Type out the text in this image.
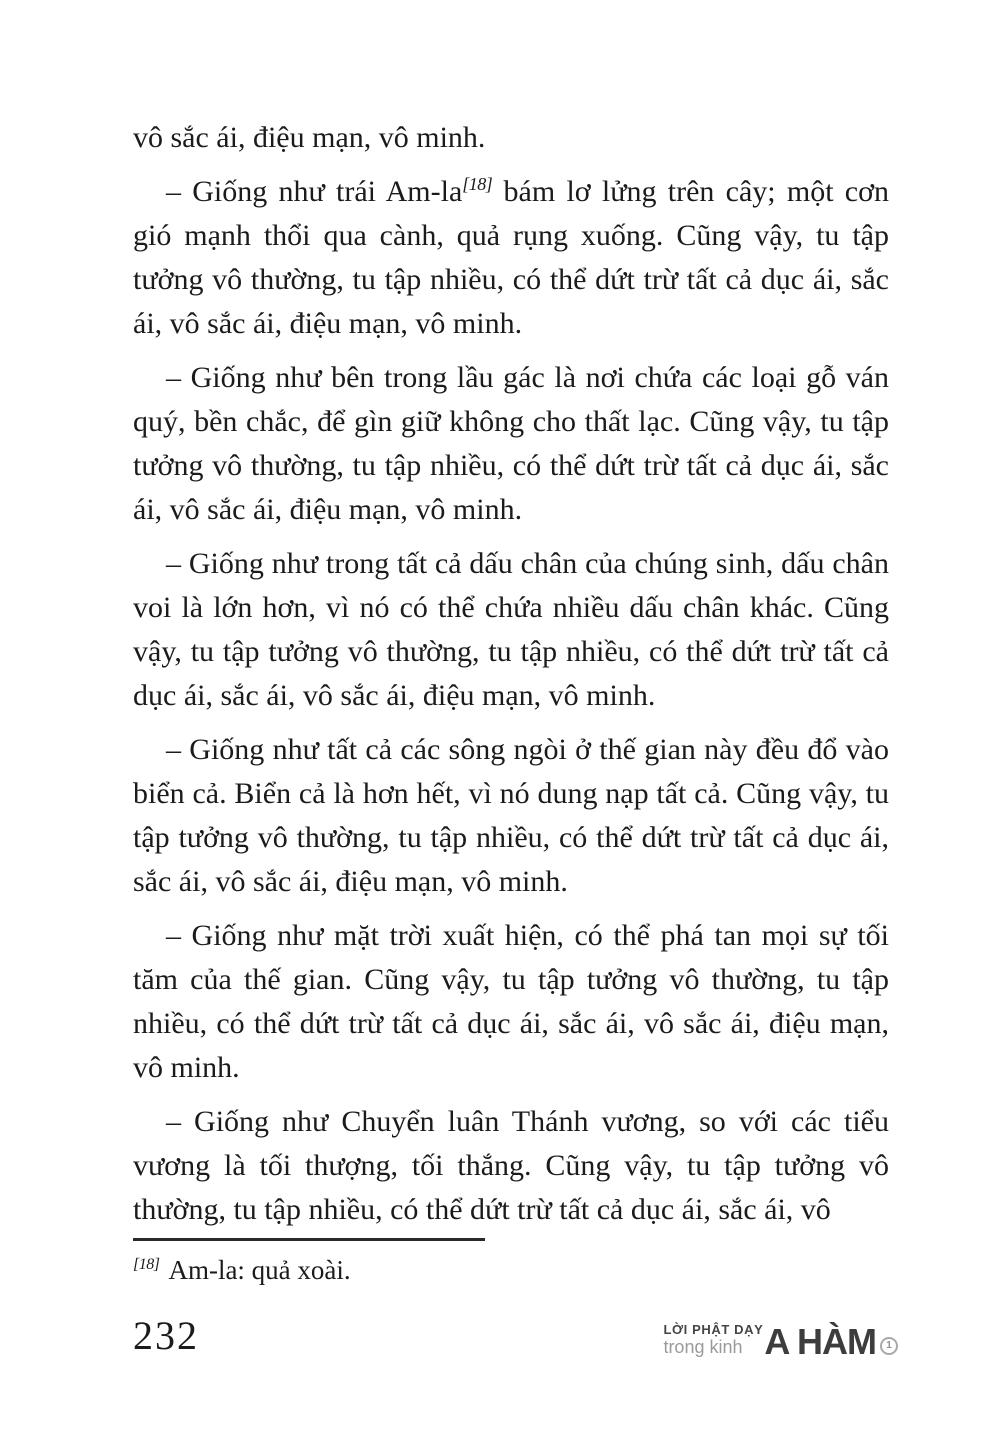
vô sắc ái, điệu mạn, vô minh.

– Giống như trái Am-la[18] bám lơ lửng trên cây; một cơn gió mạnh thổi qua cành, quả rụng xuống. Cũng vậy, tu tập tưởng vô thường, tu tập nhiều, có thể dứt trừ tất cả dục ái, sắc ái, vô sắc ái, điệu mạn, vô minh.

– Giống như bên trong lầu gác là nơi chứa các loại gỗ ván quý, bền chắc, để gìn giữ không cho thất lạc. Cũng vậy, tu tập tưởng vô thường, tu tập nhiều, có thể dứt trừ tất cả dục ái, sắc ái, vô sắc ái, điệu mạn, vô minh.

– Giống như trong tất cả dấu chân của chúng sinh, dấu chân voi là lớn hơn, vì nó có thể chứa nhiều dấu chân khác. Cũng vậy, tu tập tưởng vô thường, tu tập nhiều, có thể dứt trừ tất cả dục ái, sắc ái, vô sắc ái, điệu mạn, vô minh.

– Giống như tất cả các sông ngòi ở thế gian này đều đổ vào biển cả. Biển cả là hơn hết, vì nó dung nạp tất cả. Cũng vậy, tu tập tưởng vô thường, tu tập nhiều, có thể dứt trừ tất cả dục ái, sắc ái, vô sắc ái, điệu mạn, vô minh.

– Giống như mặt trời xuất hiện, có thể phá tan mọi sự tối tăm của thế gian. Cũng vậy, tu tập tưởng vô thường, tu tập nhiều, có thể dứt trừ tất cả dục ái, sắc ái, vô sắc ái, điệu mạn, vô minh.

– Giống như Chuyển luân Thánh vương, so với các tiểu vương là tối thượng, tối thắng. Cũng vậy, tu tập tưởng vô thường, tu tập nhiều, có thể dứt trừ tất cả dục ái, sắc ái, vô

[18] Am-la: quả xoài.

232	LỜI PHẬT DẠY
trong kinh A HÀM	1
